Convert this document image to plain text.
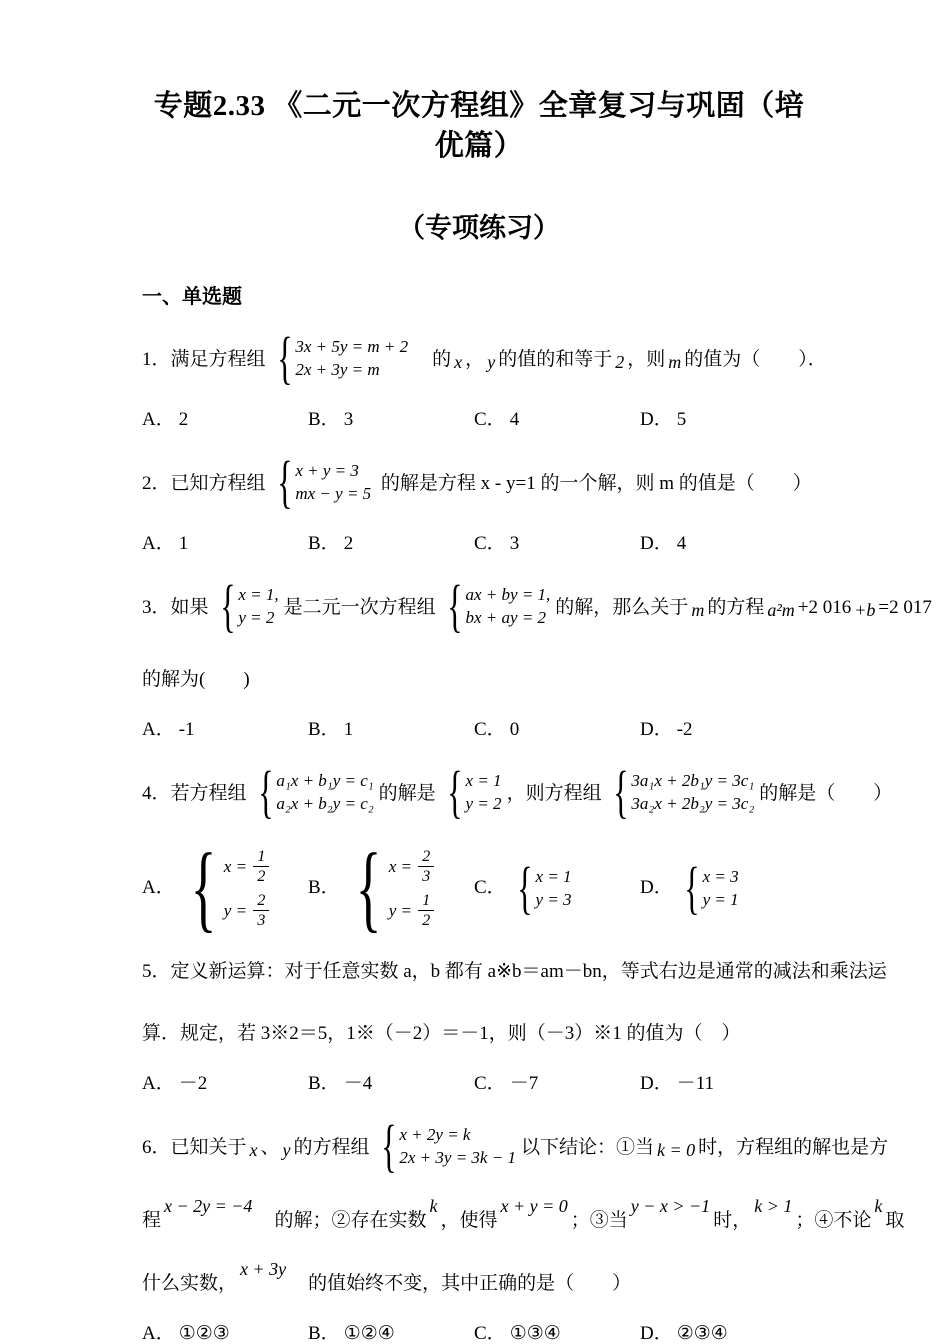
专题2.33 《二元一次方程组》全章复习与巩固（培优篇）
（专项练习）
一、单选题
1．满足方程组 { 3x + 5y = m + 2
2x + 3y = m	　的 x ， y 的值的和等于 2 ，则 m 的值为（　　）．
A． 2	B． 3	C． 4	D． 5
2．已知方程组 { x + y = 3
mx − y = 5 的解是方程 x - y=1 的一个解，则 m 的值是（　　）
A． 1	B． 2	C． 3	D． 4
3．如果 { x = 1,
y = 2 是二元一次方程组 { ax + by = 1,
bx + ay = 2 的解，那么关于 m 的方程 a²m +2 016 +b =2 017
的解为(　　)
A． -1	B． 1	C． 0	D． -2
4．若方程组 { a₁x + b₁y = c₁
a₂x + b₂y = c₂ 的解是 { x = 1
y = 2 ，则方程组 { 3a₁x + 2b₁y = 3c₁
3a₂x + 2b₂y = 3c₂ 的解是（　　）
A． { $x = \frac{1}{2}$
$y = \frac{2}{3}$
B． { $x = \frac{2}{3}$
$y = \frac{1}{2}$
C． { x = 1
y = 3
D． { x = 3
y = 1
5．定义新运算：对于任意实数 a，b 都有 a※b＝am－bn，等式右边是通常的减法和乘法运
算．规定，若 3※2＝5，1※（－2）＝－1，则（－3）※1 的值为（　）
A． －2	B． －4	C． －7	D． －11
6．已知关于 x 、 y 的方程组 { x + 2y = k
2x + 3y = 3k − 1 以下结论：①当 k = 0 时，方程组的解也是方
程x − 2y = −4　的解；②存在实数k，使得x + y = 0；③当y − x > −1时，k > 1；④不论k取
什么实数，x + 3y　的值始终不变，其中正确的是（　　）
A． ①②③	B． ①②④	C． ①③④	D． ②③④
